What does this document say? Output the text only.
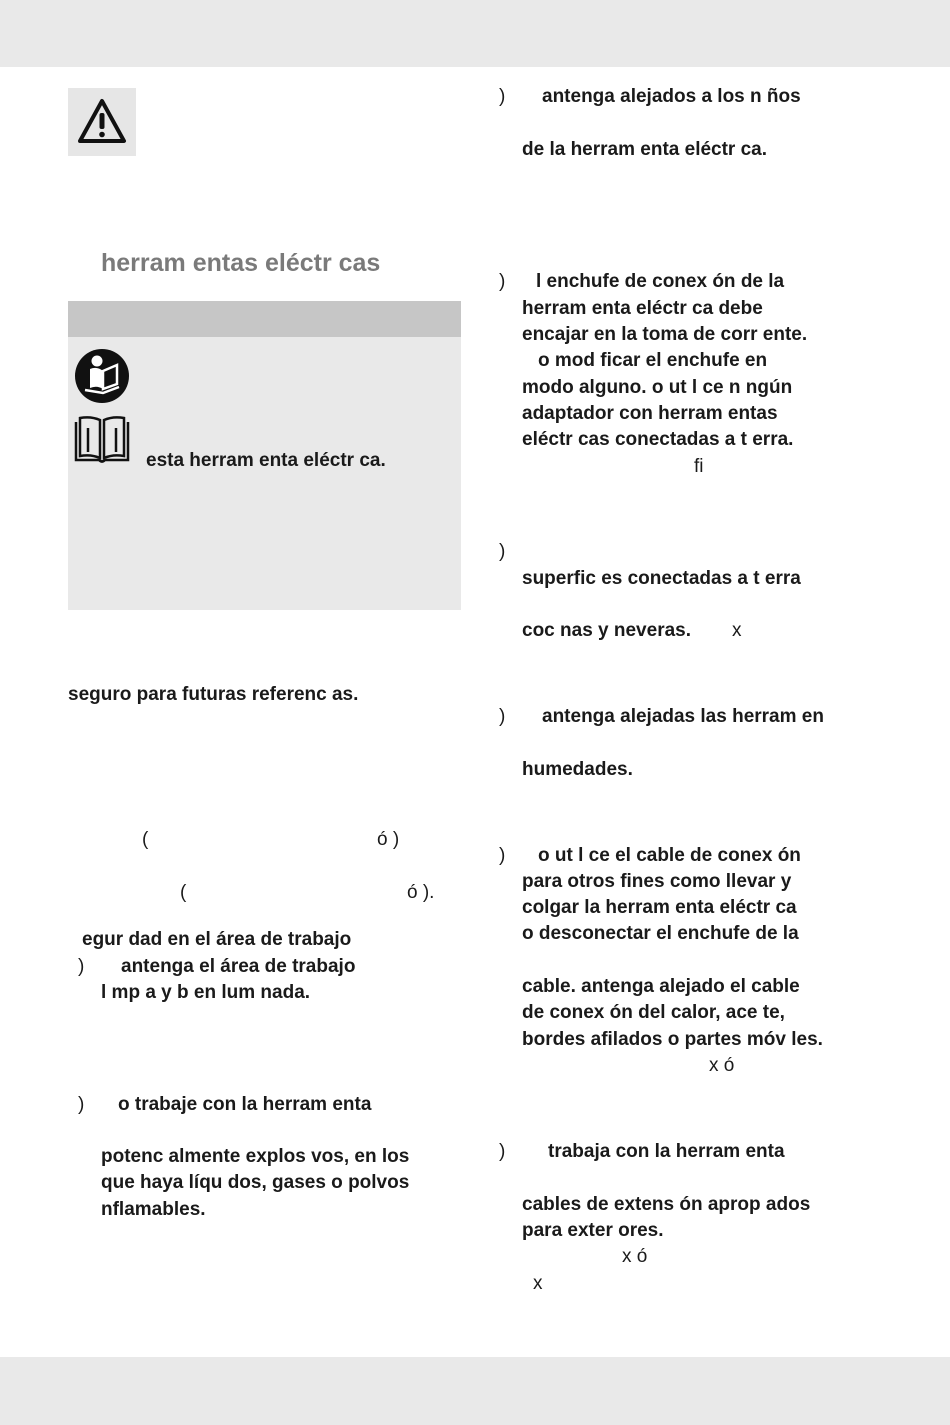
herram entas eléctr cas
esta herram enta eléctr ca.
seguro para futuras referenc as.
(	ó )
(	ó ).
egur dad en el área de trabajo
) antenga el área de trabajo
l mp a y b en lum nada.
) o trabaje con la herram enta
potenc almente explos vos, en los
que haya líqu dos, gases o polvos
nflamables.
) antenga alejados a los n ños
de la herram enta eléctr ca.
) l enchufe de conex ón de la
herram enta eléctr ca debe
encajar en la toma de corr ente.
o mod ficar el enchufe en
modo alguno. o ut l ce n ngún
adaptador con herram entas
eléctr cas conectadas a t erra.
fi
)
superfic es conectadas a t erra
coc nas y neveras. x
) antenga alejadas las herram en
humedades.
) o ut l ce el cable de conex ón
para otros fines como llevar y
colgar la herram enta eléctr ca
o desconectar el enchufe de la
cable. antenga alejado el cable
de conex ón del calor, ace te,
bordes afilados o partes móv les.
x ó
) trabaja con la herram enta
cables de extens ón aprop ados
para exter ores.
x ó
x
